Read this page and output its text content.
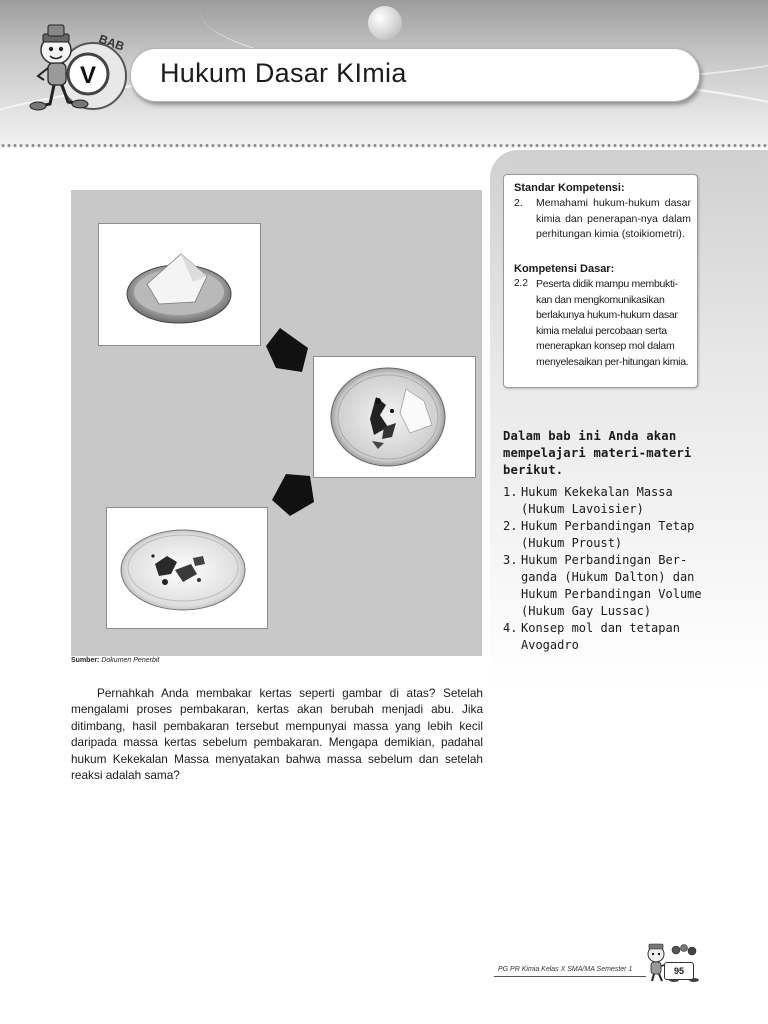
BAB
V Hukum Dasar KImia
Sumber: Dokumen Penerbit
Standar Kompetensi:
2. Memahami hukum-hukum dasar kimia dan penerapan-nya dalam perhitungan kimia (stoikiometri).
Kompetensi Dasar:
2.2 Peserta didik mampu membukti-kan dan mengkomunikasikan berlakunya hukum-hukum dasar kimia melalui percobaan serta menerapkan konsep mol dalam menyelesaikan per-hitungan kimia.
Dalam bab ini Anda akan mempelajari materi-materi berikut.
1. Hukum Kekekalan Massa (Hukum Lavoisier)
2. Hukum Perbandingan Tetap (Hukum Proust)
3. Hukum Perbandingan Ber-ganda (Hukum Dalton) dan Hukum Perbandingan Volume (Hukum Gay Lussac)
4. Konsep mol dan tetapan Avogadro
Pernahkah Anda membakar kertas seperti gambar di atas? Setelah mengalami proses pembakaran, kertas akan berubah menjadi abu. Jika ditimbang, hasil pembakaran tersebut mempunyai massa yang lebih kecil daripada massa kertas sebelum pembakaran. Mengapa demikian, padahal hukum Kekekalan Massa menyatakan bahwa massa sebelum dan setelah reaksi adalah sama?
PG PR Kimia Kelas X SMA/MA Semester 1	95
